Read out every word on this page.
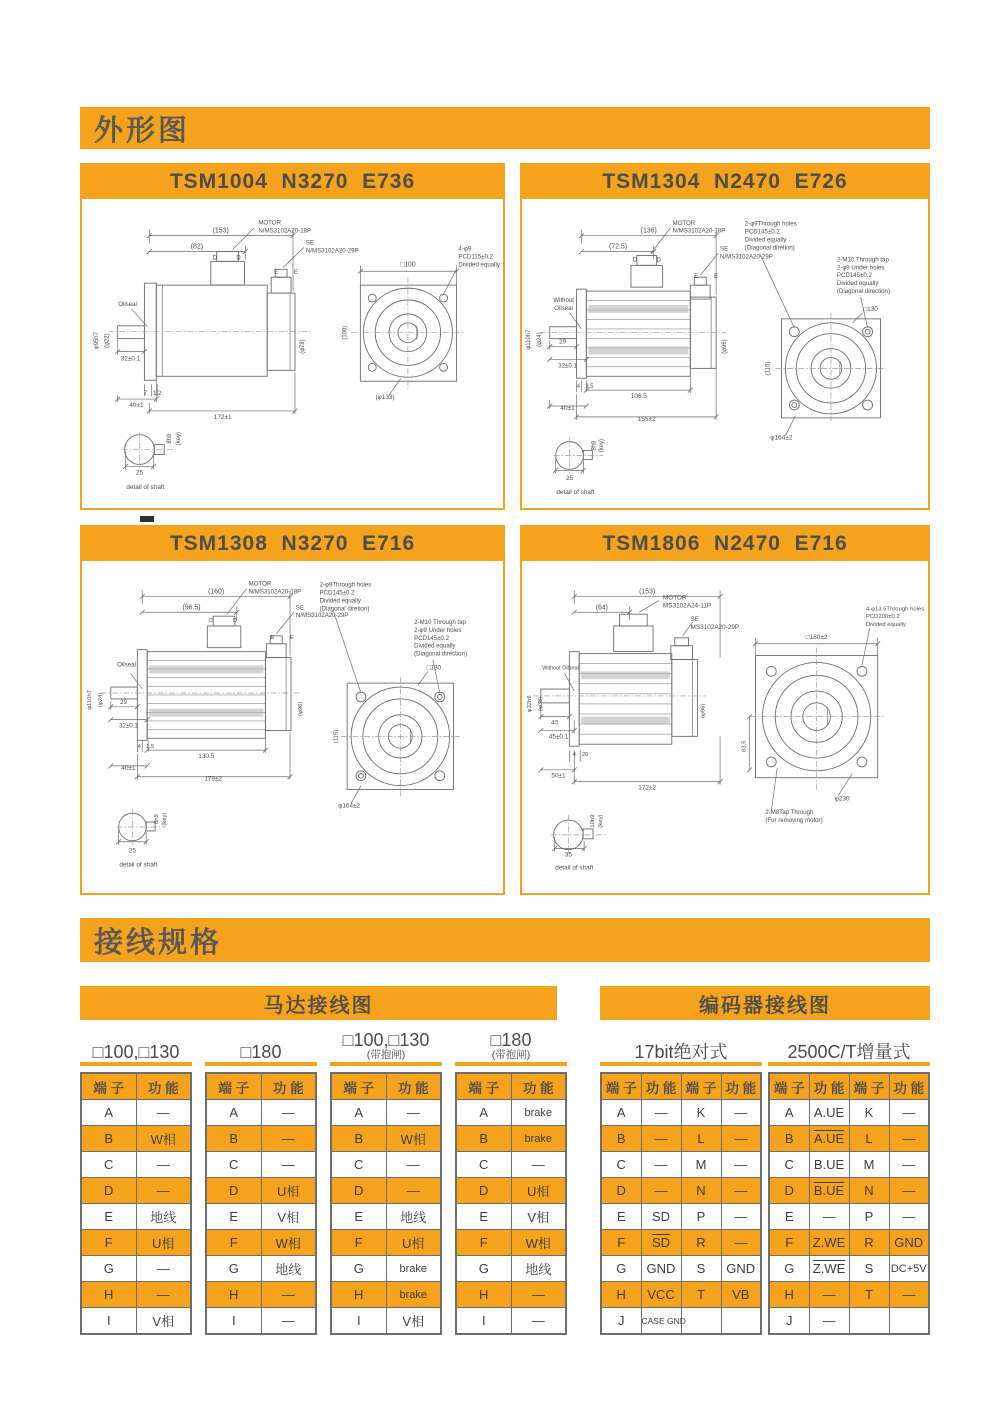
外形图
TSM1004  N3270  E736
(153)
(82)
MOTOR
N/MS3102A20-18P
SE
N/MS3102A20-29P
D	D
E	E
Oilseal
φ95h7 (φ22)
32±0.1
7 1.2
40±1
172±1
(φ78)
□100
(100)
4-φ9
PCD115±0.2
Divided equally
(φ133)
8h9 (key)
25
detail of shaft
TSM1304  N2470  E726
(136)
(72.5)
MOTOR
N/MS3102A20-18P
SE
N/MS3102A20-29P
D	D
E	E
Without
Oilseal
φ110h7 (φ24)	29
32±0.1
4 3.5
106.5
40±1
155±2
(115)
(φ96)
□130
2-φ9Through holes
PCD145±0.2
Divided equally
(Diagonal diretion)
2-M10 Through tap
2-φ9 Under holes
PCD145±0.2
Divided equally
(Diagonal direction)
φ164±2
8h9 (key)
25
detail of shaft
TSM1308  N3270  E716
(160)
(96.5)
MOTOR
N/MS3102A20-18P
SE
N/MS3102A20-29P
D	D
E	E
Oilseal
φ110h7 (φ24)	29
32±0.1
4 1.5
130.5
40±1
179±2
(φ96)
□130
(115)
2-φ9Through holes
PCD145±0.2
Divided equally
(Diagonal diretion)
2-M10 Through tap
2-φ9 Under holes
PCD145±0.2
Divided equally
(Diagonal direction)
φ164±2
8h9 (key)
25
detail of shaft
TSM1806  N2470  E716
(153)
(64)
MOTOR
MS3102A24-11P
SE
MS3102A20-29P
Without Oilseal
φ32h6 (φ38)
40
45±0.1
4 20
50±1
172±2
(φ96)
83.5
□180±2
4-φ13.5Through holes
PCD200±0.2
Divided equally
φ230
2-M8Tap Through
(For removing motor)
10h9 (key)
35
detail of shaft
接线规格
马达接线图	编码器接线图
□100,□130	□180
□100,□130
(带抱闸)
□180
(带抱闸)	17bit绝对式	2500C/T增量式
端 子	功 能
A	—
B	W相
C	—
D	—
E	地线
F	U相
G	—
H	—
I	V相
端 子	功 能
A	—
B	—
C	—
D	U相
E	V相
F	W相
G	地线
H	—
I	—
端 子	功 能
A	—
B	W相
C	—
D	—
E	地线
F	U相
G	brake
H	brake
I	V相
端 子	功 能
A	brake
B	brake
C	—
D	U相
E	V相
F	W相
G	地线
H	—
I	—
端 子	功 能	端 子	功 能
A	—	K	—
B	—	L	—
C	—	M	—
D	—	N	—
E	SD	P	—
F	$\overline{SD}$	R	—
G	GND	S	GND
H	VCC	T	VB
J	CASE GND		
端 子	功 能	端 子	功 能
A	A.UE	K	—
B	A.UE	L	—
C	B.UE	M	—
D	B.UE	N	—
E	—	P	—
F	Z.WE	R	GND
G	Z.WE	S	DC+5V
H	—	T	—
J	—		
